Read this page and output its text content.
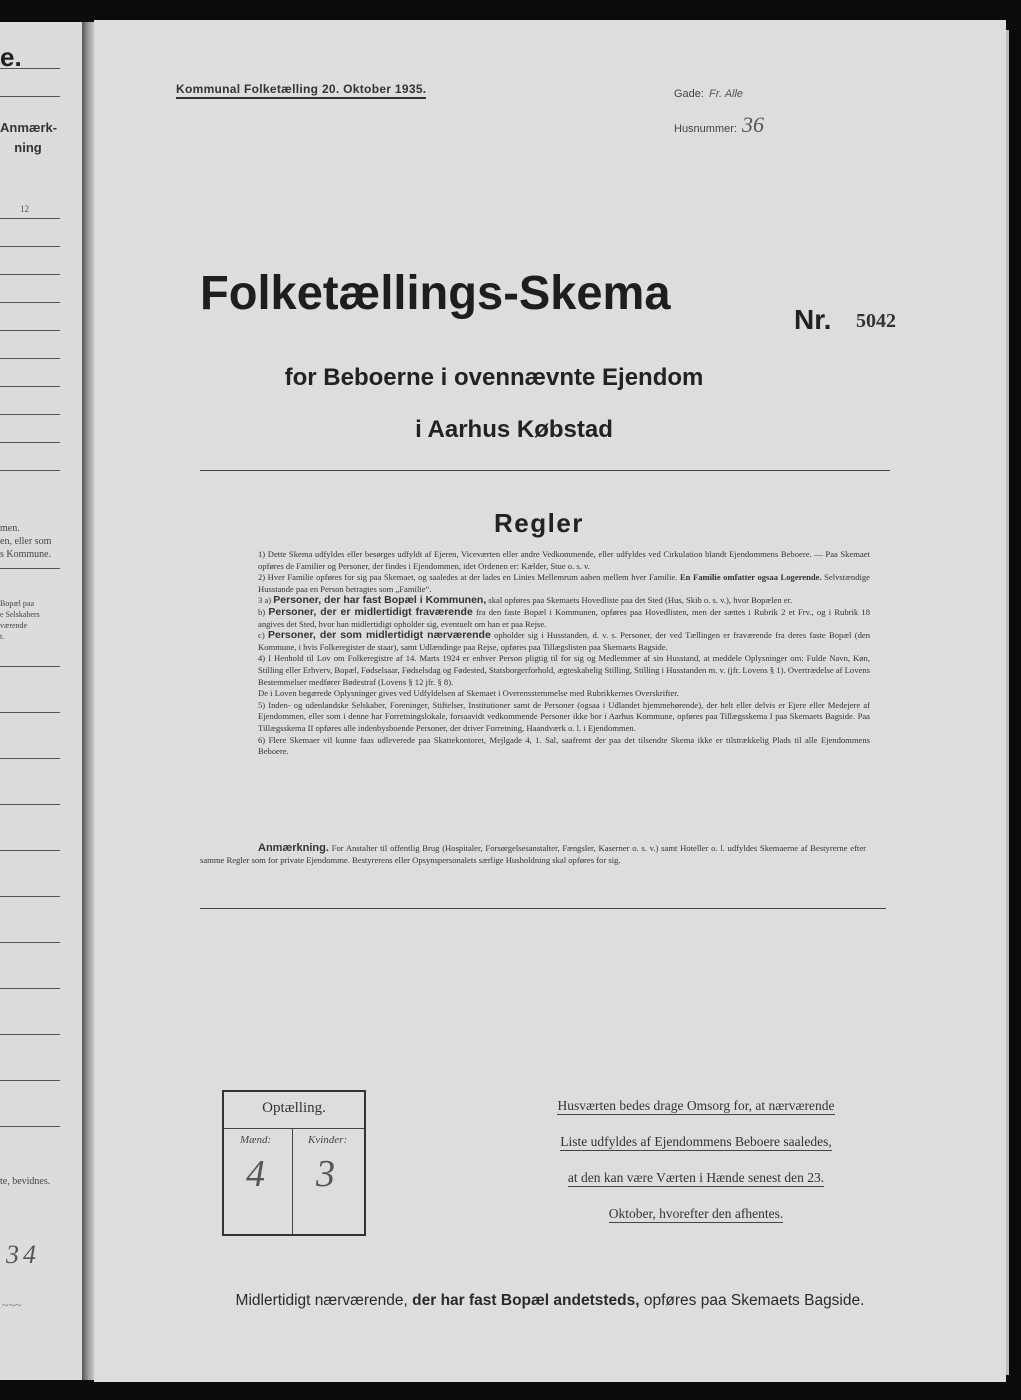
e.
Anmærk-
ning
12
men.
en, eller som
s Kommune.
Bopæl paa
e Selskabers
værende
t.
te, bevidnes.
34
~~~
Kommunal Folketælling 20. Oktober 1935.	Gade: Fr. Alle
Husnummer: 36
Folketællings-Skema	Nr. 5042
for Beboerne i ovennævnte Ejendom
i Aarhus Købstad
Regler

1) Dette Skema udfyldes eller besørges udfyldt af Ejeren, Viceværten eller andre Vedkommende, eller udfyldes ved Cirkulation blandt Ejendommens Beboere. — Paa Skemaet opføres de Familier og Personer, der findes i Ejendommen, idet Ordenen er: Kælder, Stue o. s. v.

2) Hver Familie opføres for sig paa Skemaet, og saaledes at der lades en Linies Mellemrum aaben mellem hver Familie. En Familie omfatter ogsaa Logerende. Selvstændige Husstande paa en Person betragtes som „Familie“.

3 a) Personer, der har fast Bopæl i Kommunen, skal opføres paa Skemaets Hovedliste paa det Sted (Hus, Skib o. s. v.), hvor Bopælen er.

b) Personer, der er midlertidigt fraværende fra den faste Bopæl i Kommunen, opføres paa Hovedlisten, men der sættes i Rubrik 2 et Frv., og i Rubrik 18 angives det Sted, hvor han midlertidigt opholder sig, eventuelt om han er paa Rejse.

c) Personer, der som midlertidigt nærværende opholder sig i Husstanden, d. v. s. Personer, der ved Tællingen er fraværende fra deres faste Bopæl (den Kommune, i hvis Folkeregister de staar), samt Udlændinge paa Rejse, opføres paa Tillægslisten paa Skemaets Bagside.

4) I Henhold til Lov om Folkeregistre af 14. Marts 1924 er enhver Person pligtig til for sig og Medlemmer af sin Husstand, at meddele Oplysninger om: Fulde Navn, Køn, Stilling eller Erhverv, Bopæl, Fødselsaar, Fødselsdag og Fødested, Statsborgerforhold, ægteskabelig Stilling, Stilling i Husstanden m. v. (jfr. Lovens § 1). Overtrædelse af Lovens Bestemmelser medfører Bødestraf (Lovens § 12 jfr. § 8).

De i Loven begærede Oplysninger gives ved Udfyldelsen af Skemaet i Overensstemmelse med Rubrikkernes Overskrifter.

5) Inden- og udenlandske Selskaber, Foreninger, Stiftelser, Institutioner samt de Personer (ogsaa i Udlandet hjemmehørende), der helt eller delvis er Ejere eller Medejere af Ejendommen, eller som i denne har Forretningslokale, forsaavidt vedkommende Personer ikke bor i Aarhus Kommune, opføres paa Tillægsskema I paa Skemaets Bagside. Paa Tillægsskema II opføres alle indenbysboende Personer, der driver Forretning, Haandværk o. l. i Ejendommen.

6) Flere Skemaer vil kunne faas udleverede paa Skattekontoret, Mejlgade 4, 1. Sal, saafremt der paa det tilsendte Skema ikke er tilstrækkelig Plads til alle Ejendommens Beboere.

Anmærkning. For Anstalter til offentlig Brug (Hospitaler, Forsørgelsesanstalter, Fængsler, Kaserner o. s. v.) samt Hoteller o. l. udfyldes Skemaerne af Bestyrerne efter samme Regler som for private Ejendomme. Bestyrerens eller Opsynspersonalets særlige Husholdning skal opføres for sig.
Optælling.
Mænd:	Kvinder:
4 3
Husværten bedes drage Omsorg for, at nærværende
Liste udfyldes af Ejendommens Beboere saaledes,
at den kan være Værten i Hænde senest den 23.
Oktober, hvorefter den afhentes.
Midlertidigt nærværende, der har fast Bopæl andetsteds, opføres paa Skemaets Bagside.
